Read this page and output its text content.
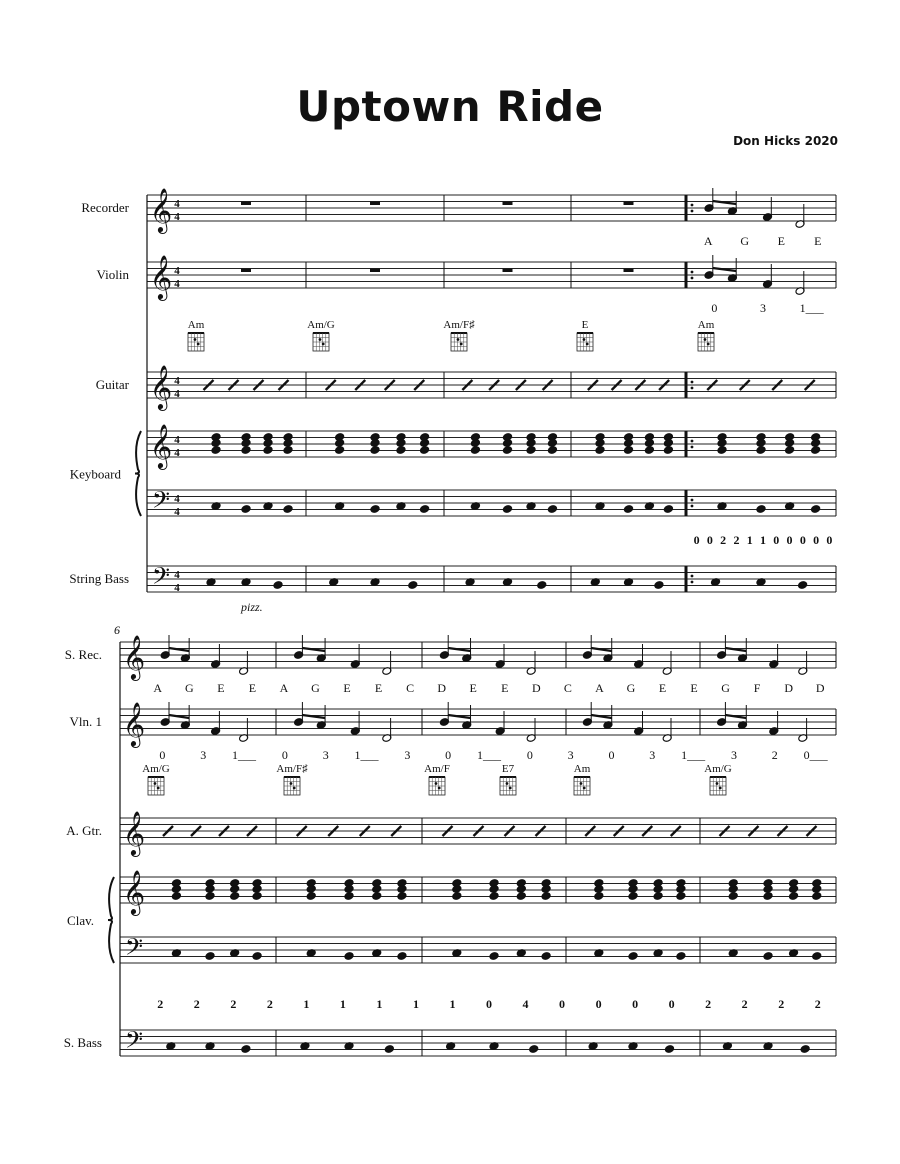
Uptown Ride
Don Hicks 2020
𝄞 4
4
𝄞 4
4
𝄞 4
4
𝄞 4
4
𝄢 4
4
𝄢 4
4
Recorder
Violin
Guitar
Keyboard
String Bass
Am	Am/G	Am/F♯	E	Am
A G E E
0	3	1___
0 0 2 2 1 1 0 0 0 0 0
pizz.
6
𝄞
𝄞
𝄞
𝄞
𝄢
𝄢
S. Rec.
Vln. 1
A. Gtr.
Clav.
S. Bass
Am/G	Am/F♯	Am/F	E7	Am	Am/G
A G E E A G E E C D E E D C A G E E G F D D
0	3 1___ 0	3 1___ 3	0 1___ 0	3	0	3 1___ 3	2 0___
2	2	2	2	1	1	1	1	1	0	4	0	0	0	0	2	2	2	2
